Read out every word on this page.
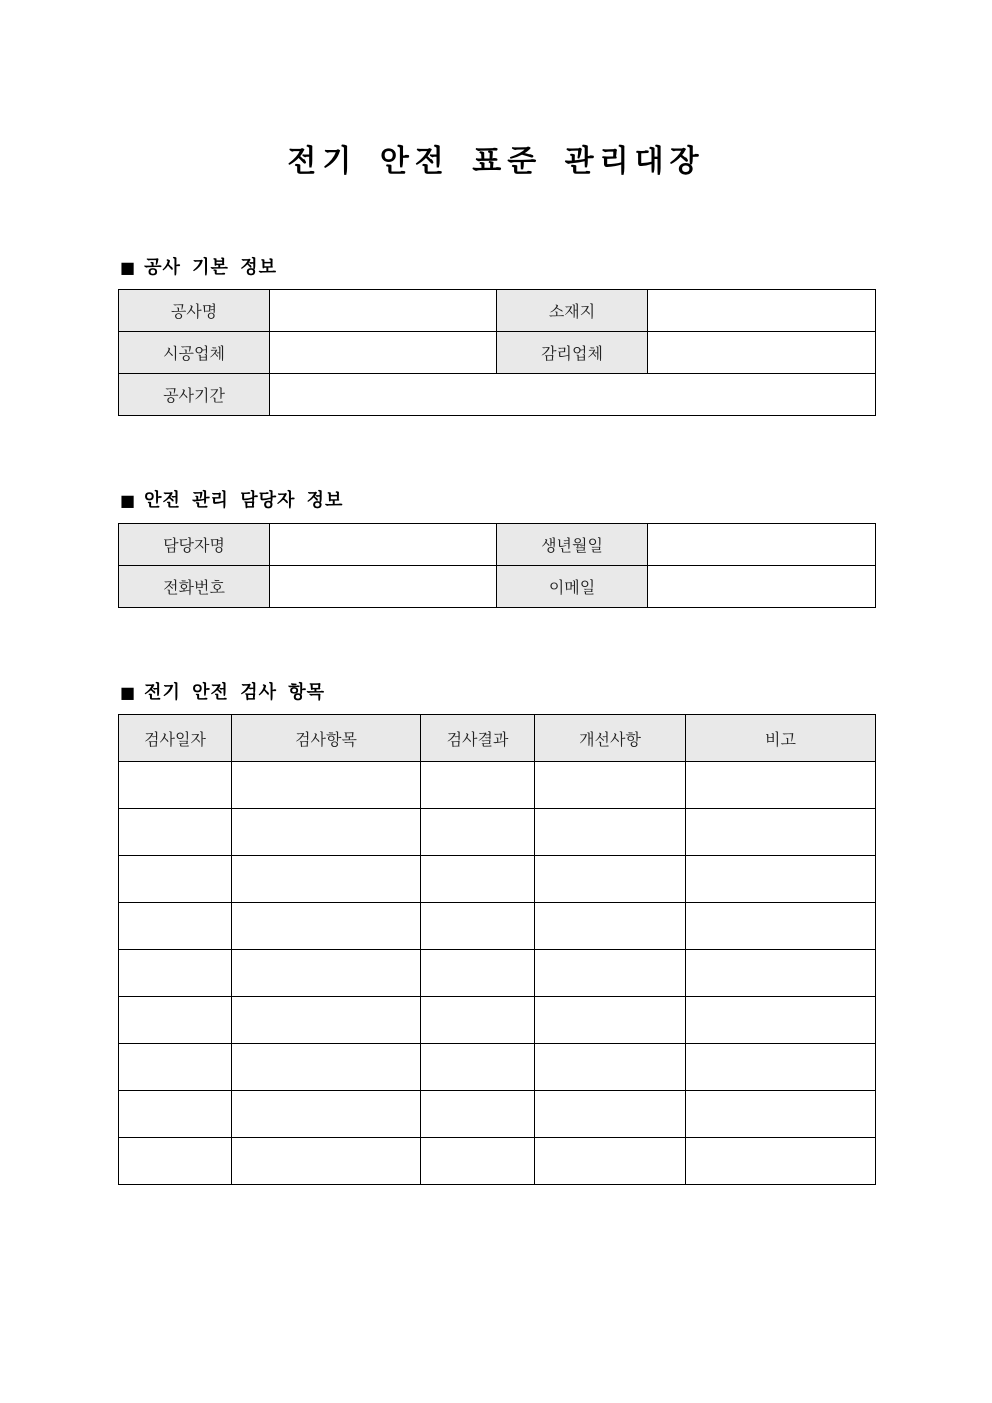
전기 안전 표준 관리대장
■ 공사 기본 정보
공사명		소재지	
시공업체		감리업체	
공사기간			
■ 안전 관리 담당자 정보
담당자명		생년월일	
전화번호		이메일	
■ 전기 안전 검사 항목
검사일자	검사항목	검사결과	개선사항	비고
